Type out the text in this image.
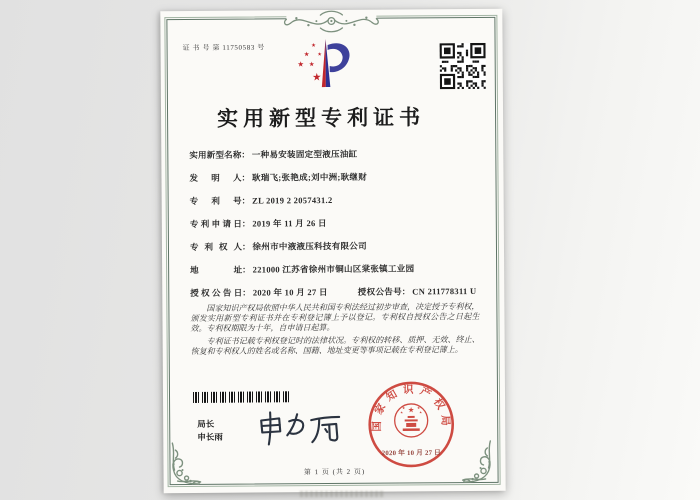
证 书 号 第 11750583 号
实用新型专利证书
实用新型名称： 一种易安装固定型液压油缸
发明人： 耿瑞飞;张艳成;刘中洲;耿继财
专利号： ZL 2019 2 2057431.2
专利申请日： 2019 年 11 月 26 日
专利权人： 徐州市中液液压科技有限公司
地址： 221000 江苏省徐州市铜山区棠张镇工业园
授权公告日： 2020 年 10 月 27 日	授权公告号： CN 211778311 U

国家知识产权局依照中华人民共和国专利法经过初步审查，决定授予专利权，颁发实用新型专利证书并在专利登记簿上予以登记。专利权自授权公告之日起生效。专利权期限为十年，自申请日起算。

专利证书记载专利权登记时的法律状况。专利权的转移、质押、无效、终止、恢复和专利权人的姓名或名称、国籍、地址变更等事项记载在专利登记簿上。

局长
申长雨
国家知识产权局
2020 年 10 月 27 日
第 1 页 (共 2 页)
